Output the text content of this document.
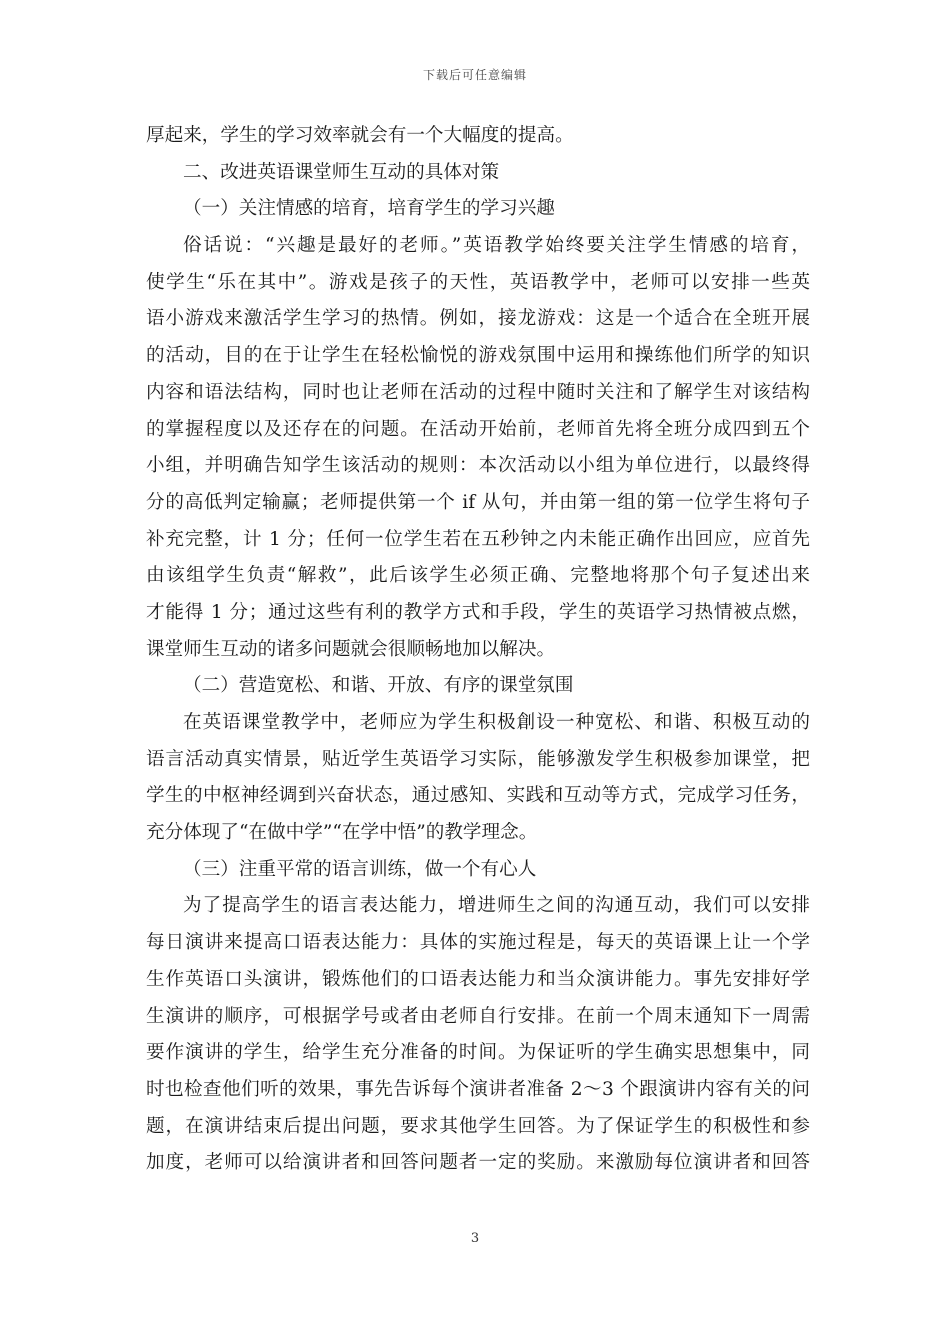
下载后可任意编辑
厚起来，学生的学习效率就会有一个大幅度的提高。
二、改进英语课堂师生互动的具体对策
（一）关注情感的培育，培育学生的学习兴趣
俗话说：“兴趣是最好的老师。”英语教学始终要关注学生情感的培育，
使学生“乐在其中”。游戏是孩子的天性，英语教学中，老师可以安排一些英
语小游戏来激活学生学习的热情。例如，接龙游戏：这是一个适合在全班开展
的活动，目的在于让学生在轻松愉悦的游戏氛围中运用和操练他们所学的知识
内容和语法结构，同时也让老师在活动的过程中随时关注和了解学生对该结构
的掌握程度以及还存在的问题。在活动开始前，老师首先将全班分成四到五个
小组，并明确告知学生该活动的规则：本次活动以小组为单位进行，以最终得
分的高低判定输赢；老师提供第一个 if 从句，并由第一组的第一位学生将句子
补充完整，计 1 分；任何一位学生若在五秒钟之内未能正确作出回应，应首先
由该组学生负责“解救”，此后该学生必须正确、完整地将那个句子复述出来
才能得 1 分；通过这些有利的教学方式和手段，学生的英语学习热情被点燃，
课堂师生互动的诸多问题就会很顺畅地加以解决。
（二）营造宽松、和谐、开放、有序的课堂氛围
在英语课堂教学中，老师应为学生积极創设一种宽松、和谐、积极互动的
语言活动真实情景，贴近学生英语学习实际，能够激发学生积极参加课堂，把
学生的中枢神经调到兴奋状态，通过感知、实践和互动等方式，完成学习任务，
充分体现了“在做中学”“在学中悟”的教学理念。
（三）注重平常的语言训练，做一个有心人
为了提高学生的语言表达能力，增进师生之间的沟通互动，我们可以安排
每日演讲来提高口语表达能力：具体的实施过程是，每天的英语课上让一个学
生作英语口头演讲，锻炼他们的口语表达能力和当众演讲能力。事先安排好学
生演讲的顺序，可根据学号或者由老师自行安排。在前一个周末通知下一周需
要作演讲的学生，给学生充分准备的时间。为保证听的学生确实思想集中，同
时也检查他们听的效果，事先告诉每个演讲者准备 2～3 个跟演讲内容有关的问
题，在演讲结束后提出问题，要求其他学生回答。为了保证学生的积极性和参
加度，老师可以给演讲者和回答问题者一定的奖励。来激励每位演讲者和回答
3
